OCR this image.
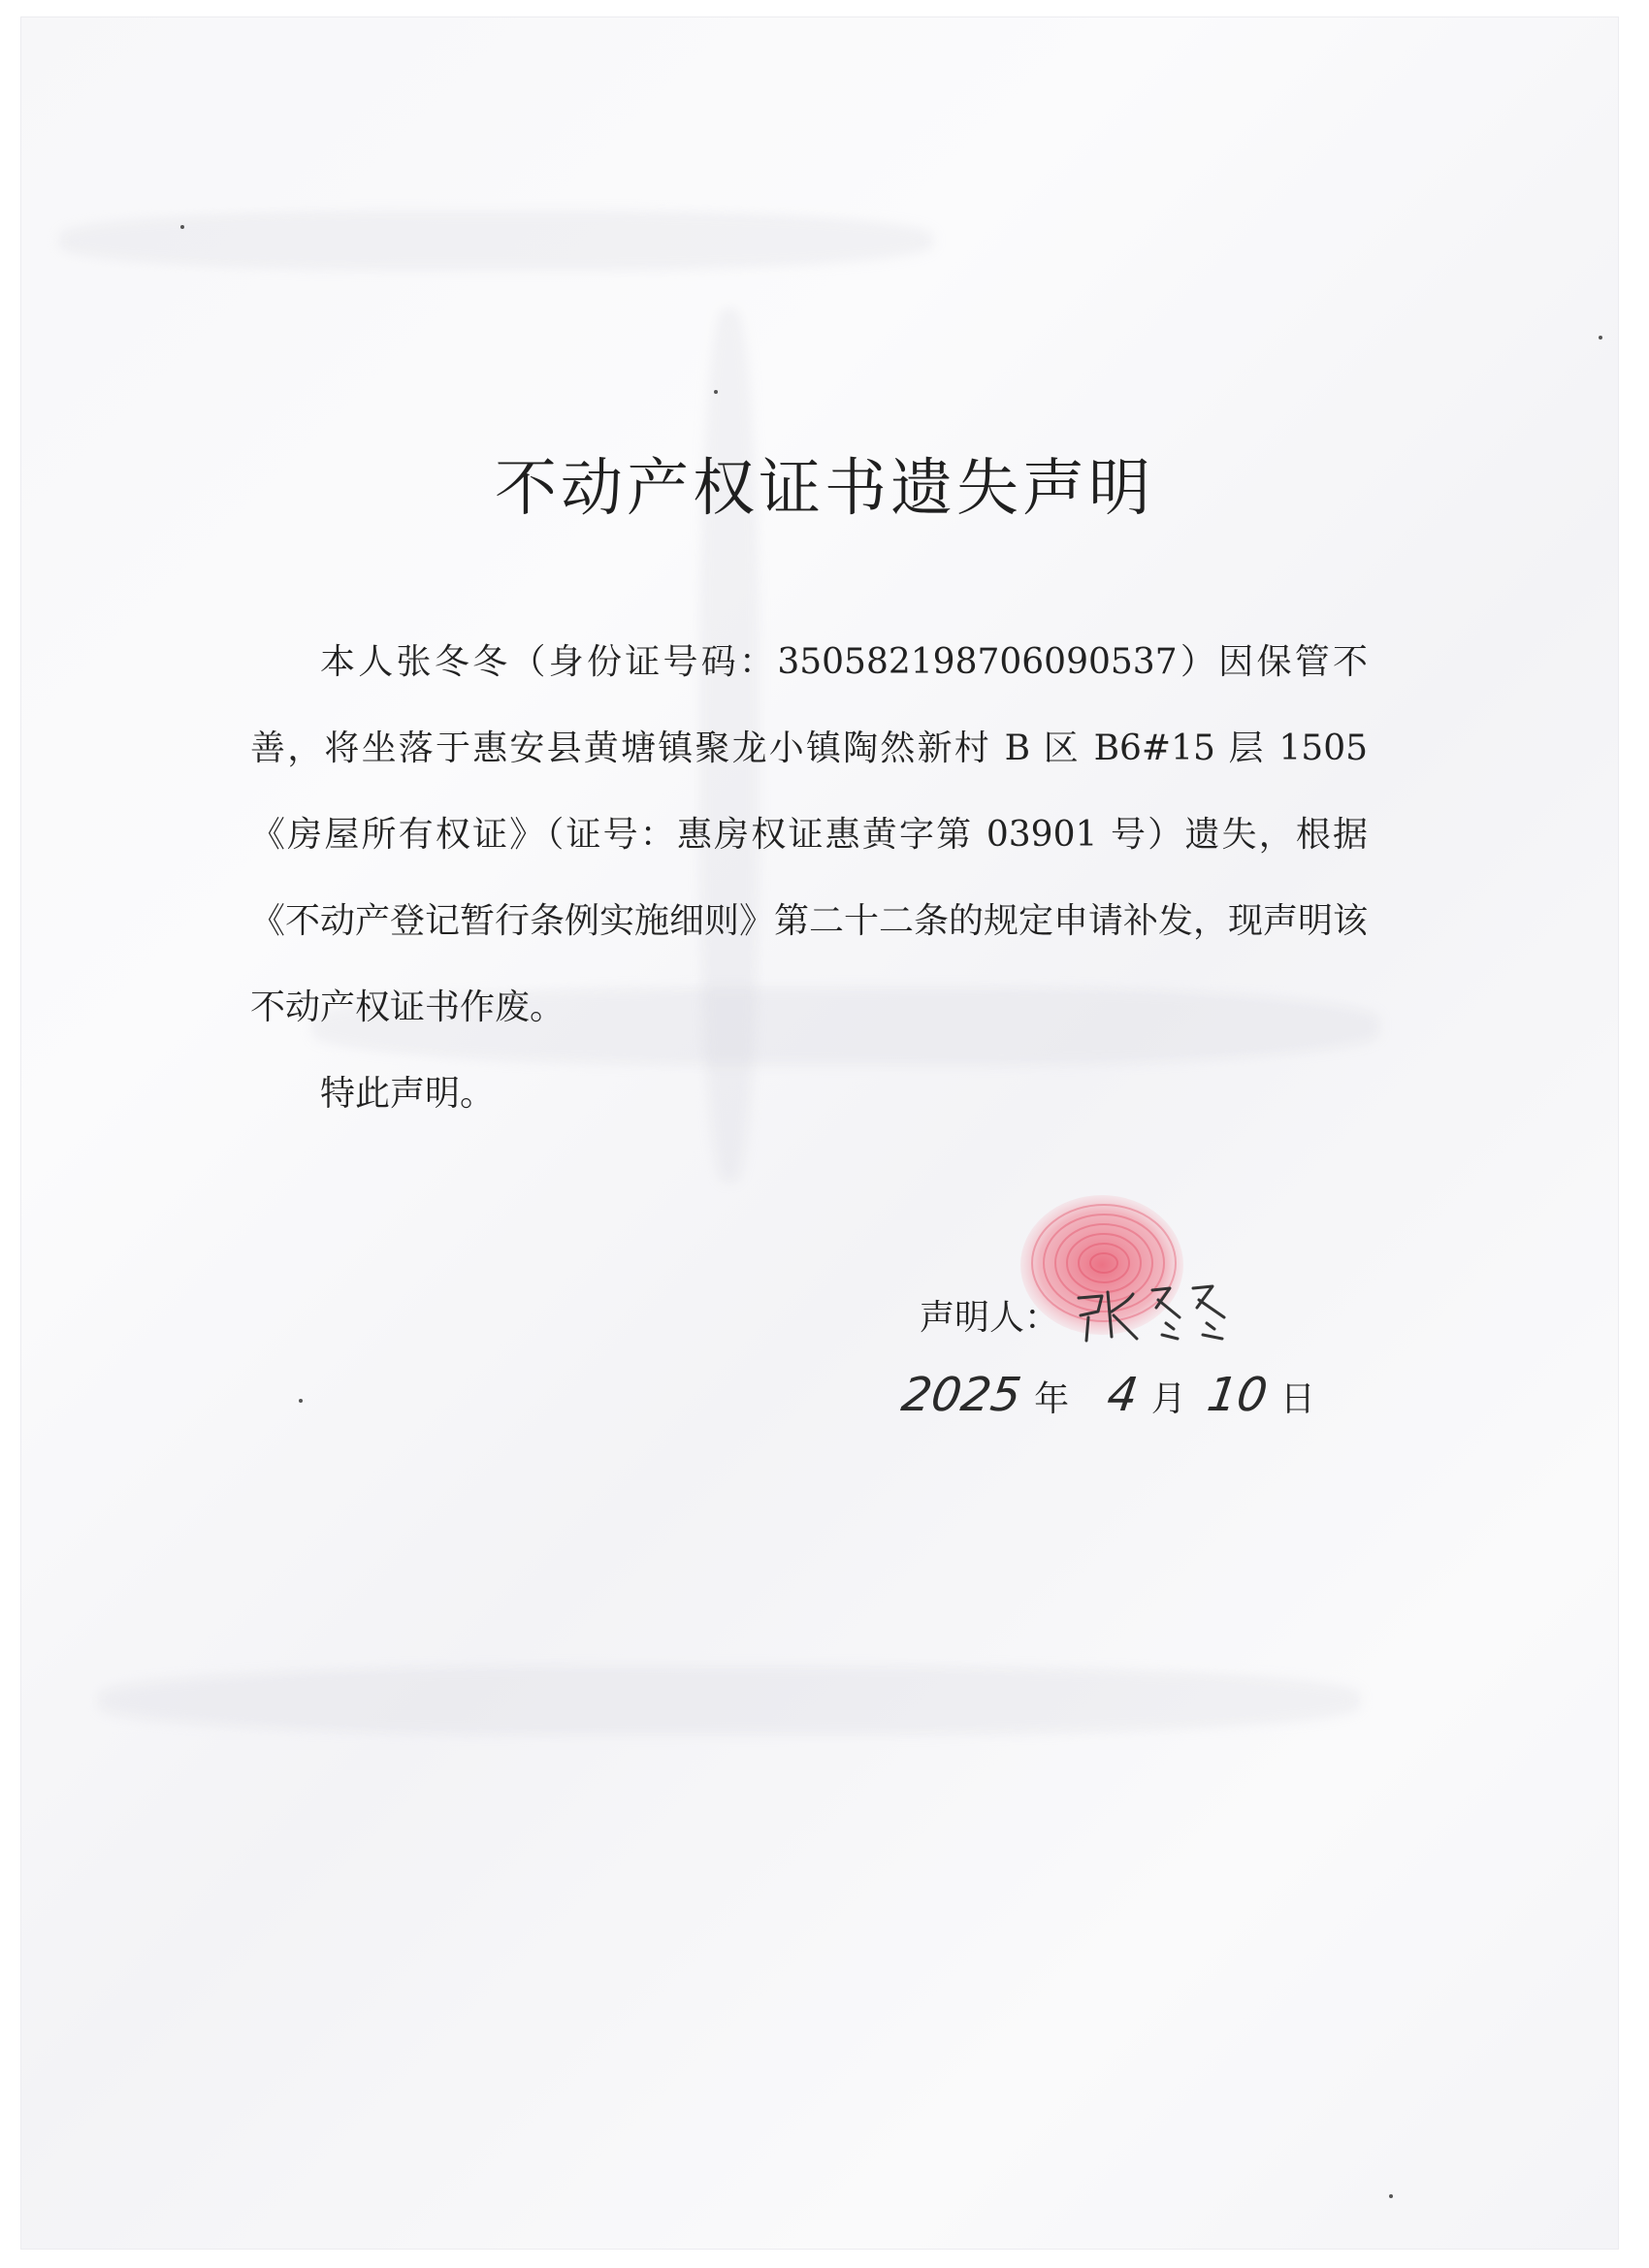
不动产权证书遗失声明

本人张冬冬（身份证号码：350582198706090537）因保管不善，将坐落于惠安县黄塘镇聚龙小镇陶然新村 B 区 B6#15 层 1505《房屋所有权证》（证号：惠房权证惠黄字第 03901 号）遗失，根据《不动产登记暂行条例实施细则》第二十二条的规定申请补发，现声明该不动产权证书作废。

特此声明。

声明人：
2025 年 4 月 10 日
